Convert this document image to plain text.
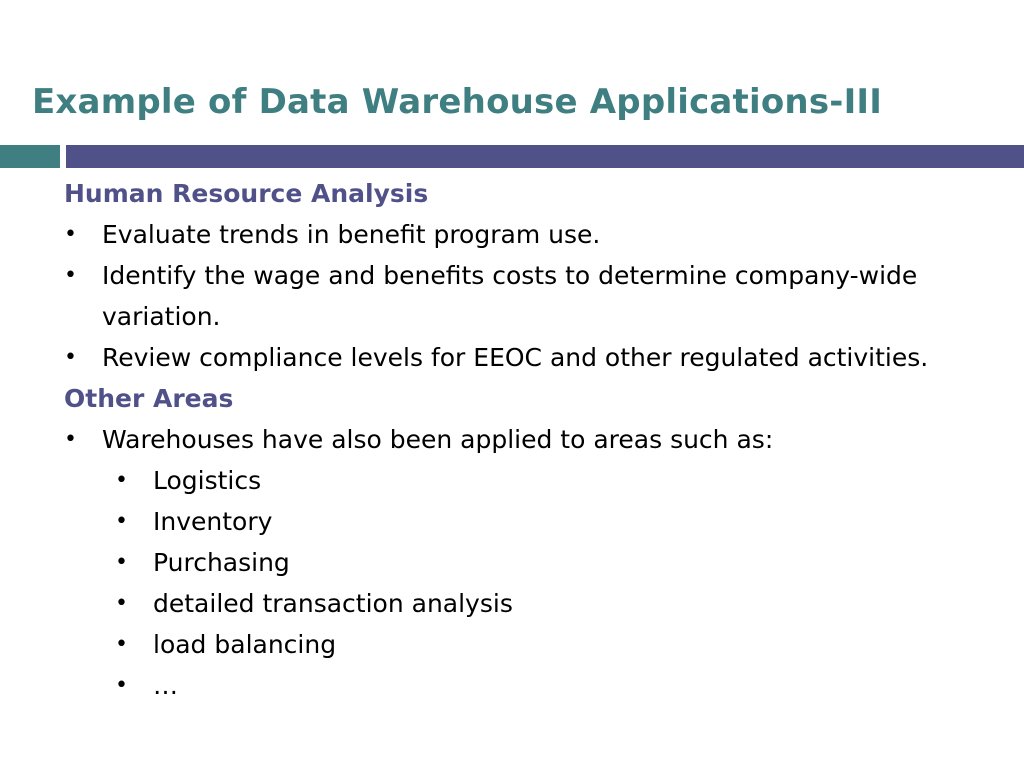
Example of Data Warehouse Applications-III
Human Resource Analysis
• Evaluate trends in benefit program use.
• Identify the wage and benefits costs to determine company-wide variation.
• Review compliance levels for EEOC and other regulated activities.
Other Areas
• Warehouses have also been applied to areas such as:
• Logistics
• Inventory
• Purchasing
• detailed transaction analysis
• load balancing
• …
